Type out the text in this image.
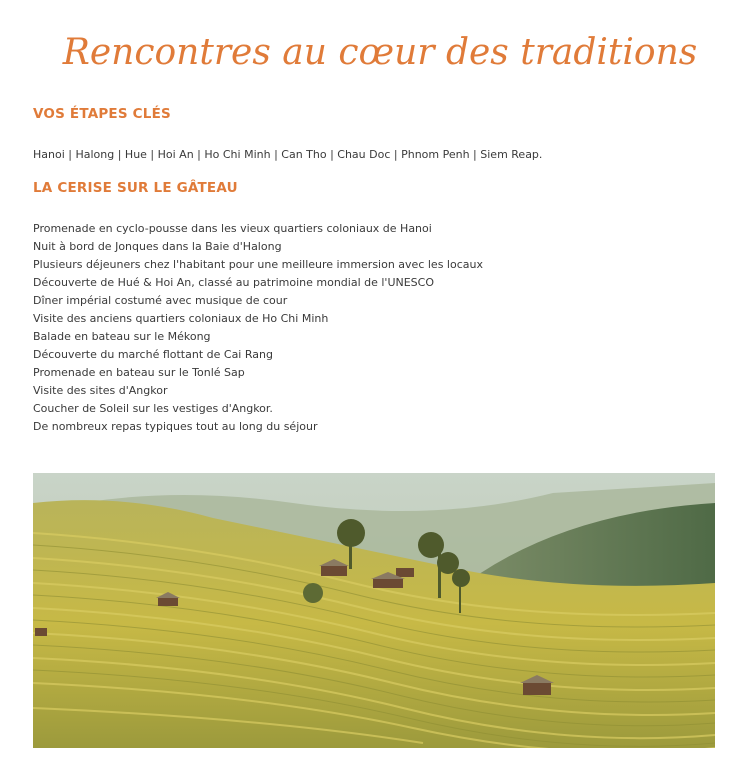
Rencontres au cœur des traditions
VOS ÉTAPES CLÉS
Hanoi | Halong | Hue | Hoi An | Ho Chi Minh | Can Tho | Chau Doc | Phnom Penh | Siem Reap.
LA CERISE SUR LE GÂTEAU
Promenade en cyclo-pousse dans les vieux quartiers coloniaux de Hanoi
Nuit à bord de Jonques dans la Baie d'Halong
Plusieurs déjeuners chez l'habitant pour une meilleure immersion avec les locaux
Découverte de Hué & Hoi An, classé au patrimoine mondial de l'UNESCO
Dîner impérial costumé avec musique de cour
Visite des anciens quartiers coloniaux de Ho Chi Minh
Balade en bateau sur le Mékong
Découverte du marché flottant de Cai Rang
Promenade en bateau sur le Tonlé Sap
Visite des sites d'Angkor
Coucher de Soleil sur les vestiges d'Angkor.
De nombreux repas typiques tout au long du séjour
